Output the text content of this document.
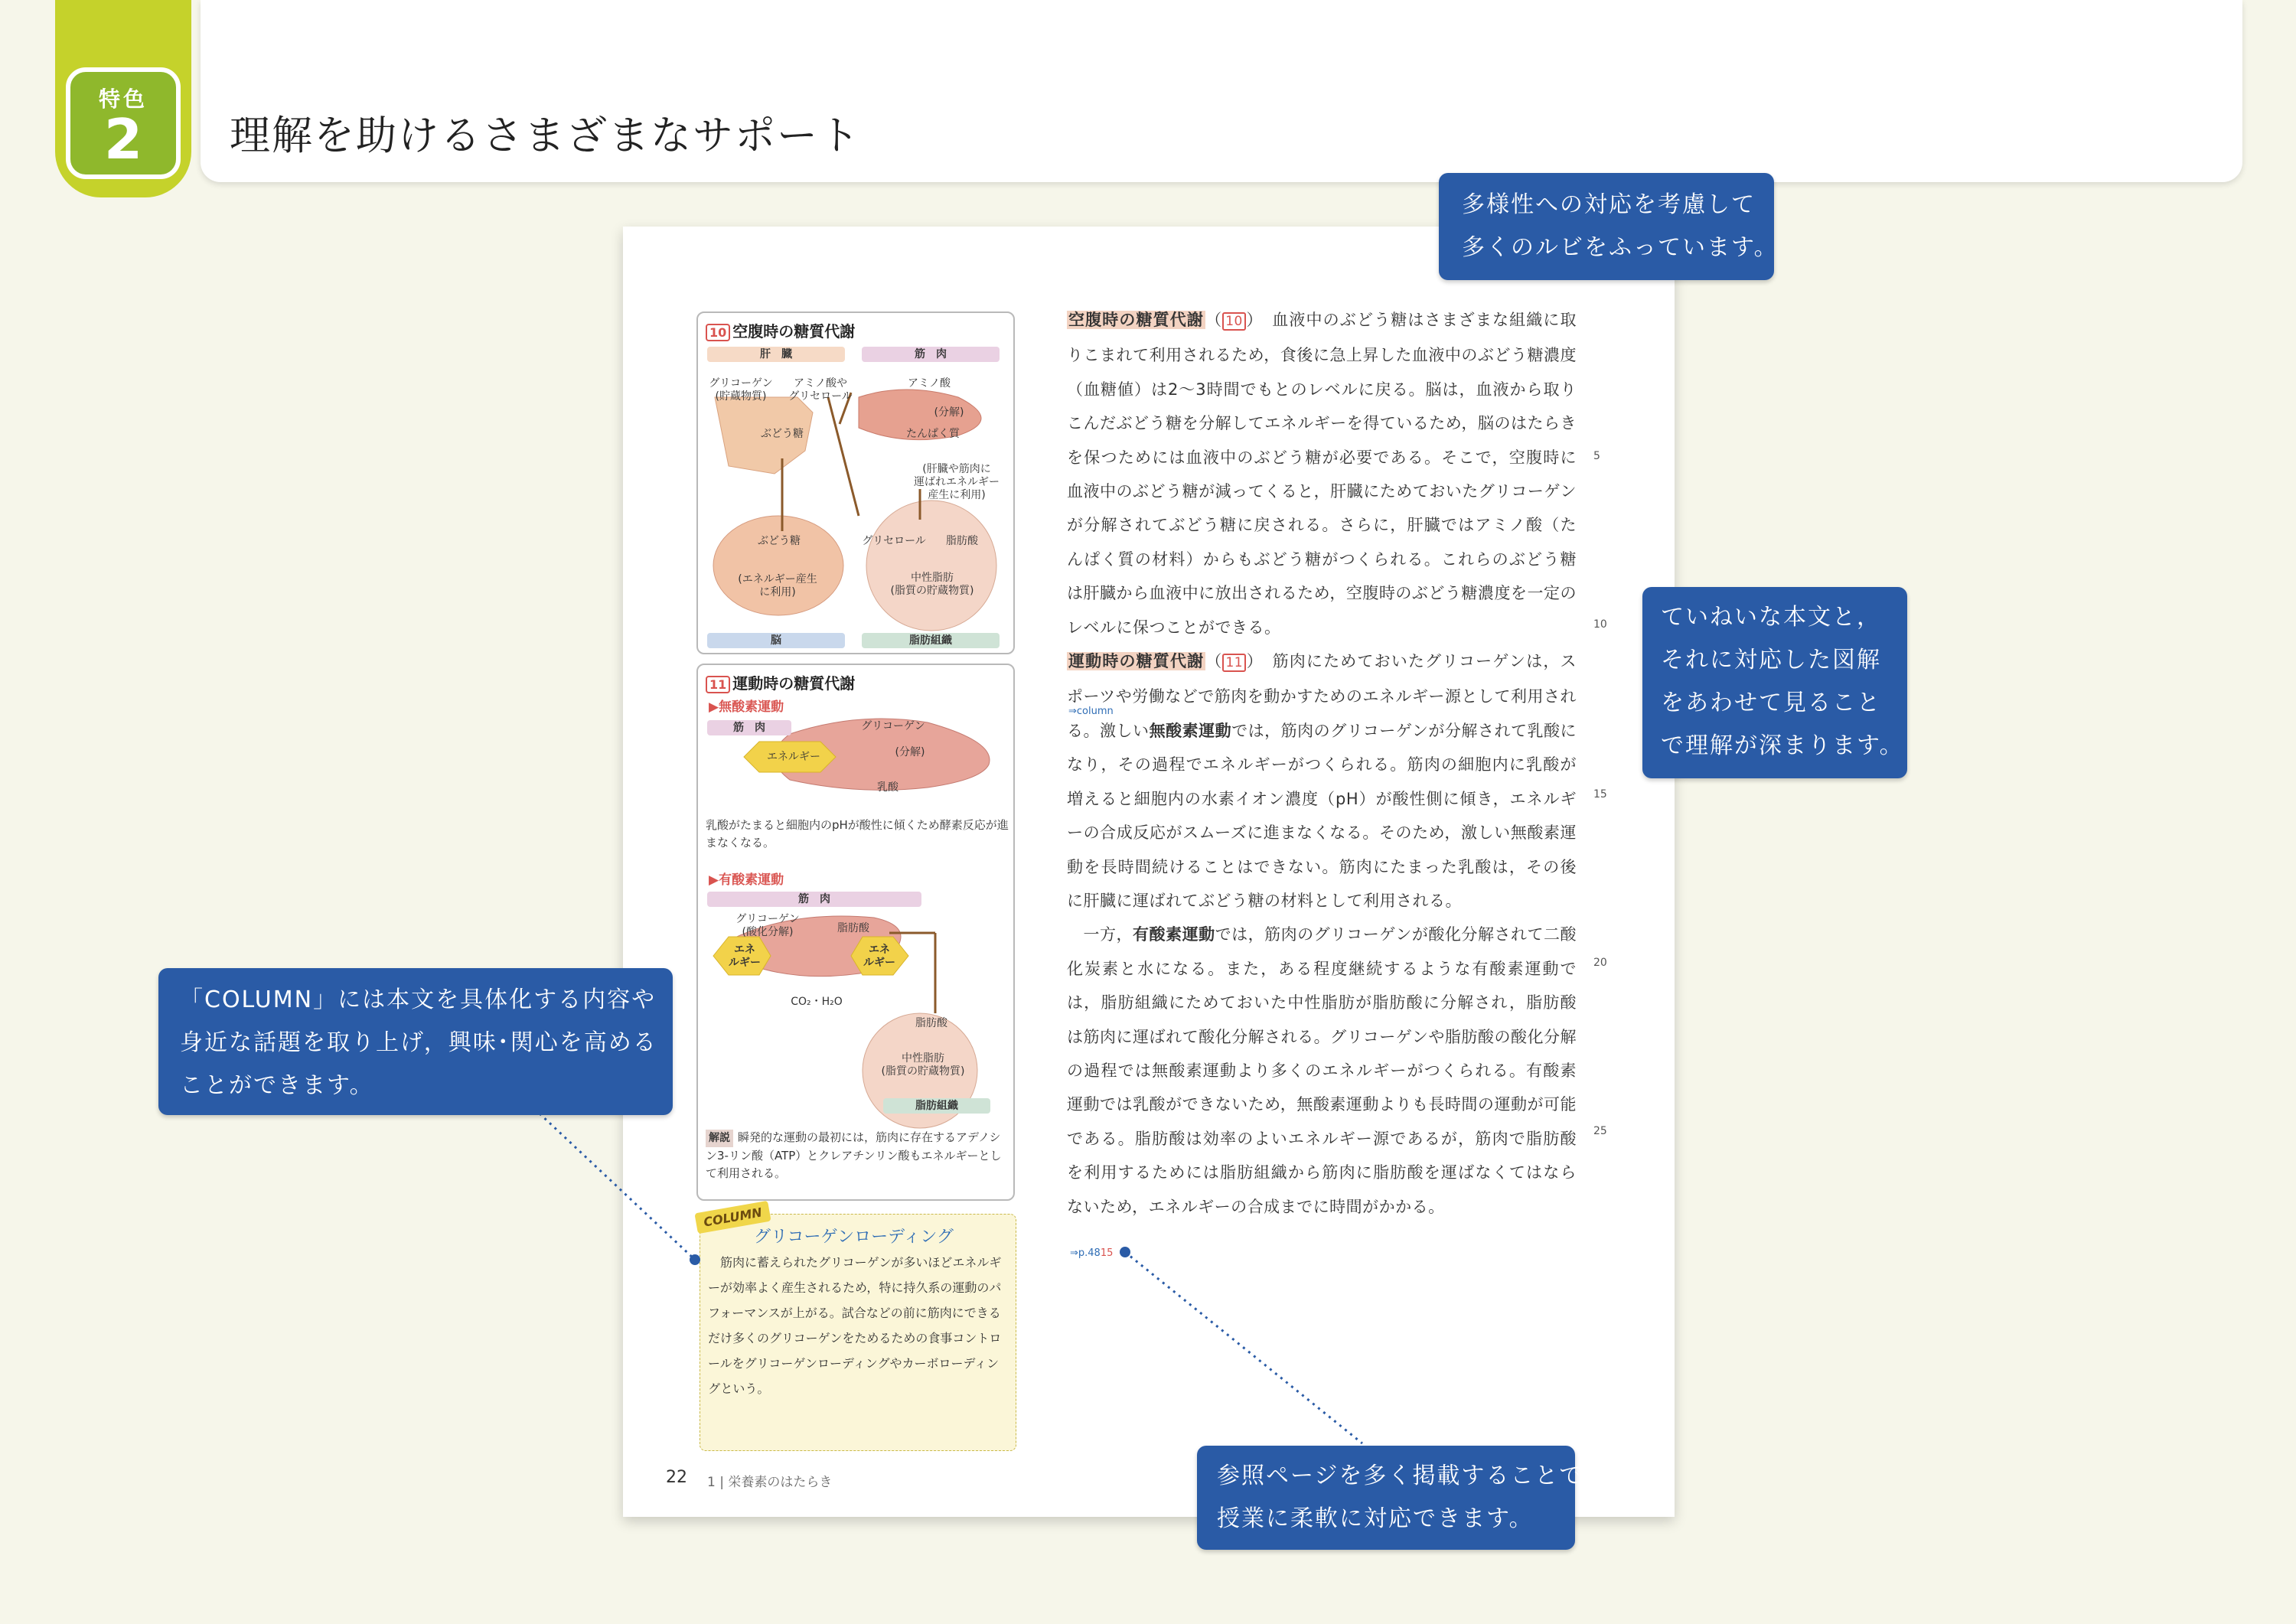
特色
2	理解を助けるさまざまなサポート
10 空腹時の糖質代謝
肝　臓	筋　肉
グリコーゲン
(貯蔵物質)
アミノ酸や
グリセロール
アミノ酸
(分解)
たんぱく質
ぶどう糖
(肝臓や筋肉に
運ばれエネルギー
産生に利用)
ぶどう糖
(エネルギー産生
に利用)
グリセロール	脂肪酸
中性脂肪
(脂質の貯蔵物質)
脳	脂肪組織
11 運動時の糖質代謝
▶無酸素運動
筋　肉	グリコーゲン
エネルギー	(分解)
乳酸
乳酸がたまると細胞内のpHが酸性に傾くため酵素反応が進まなくなる。
▶有酸素運動
筋　肉
グリコーゲン
(酸化分解)	脂肪酸
エネ
ルギー
エネ
ルギー
CO₂・H₂O
脂肪酸
中性脂肪
(脂質の貯蔵物質)
脂肪組織
解説 瞬発的な運動の最初には，筋肉に存在するアデノシン3-リン酸（ATP）とクレアチンリン酸もエネルギーとして利用される。
COLUMN
グリコーゲンローディング
　筋肉に蓄えられたグリコーゲンが多いほどエネルギーが効率よく産生されるため，特に持久系の運動のパフォーマンスが上がる。試合などの前に筋肉にできるだけ多くのグリコーゲンをためるための食事コントロールをグリコーゲンローディングやカーボローディングという。

空腹時の糖質代謝（ 10 ）　血液中のぶどう糖はさまざまな組織に取りこまれて利用されるため，食後に急上昇した血液中のぶどう糖濃度（血糖値）は2～3時間でもとのレベルに戻る。脳は，血液から取りこんだぶどう糖を分解してエネルギーを得ているため，脳のはたらきを保つためには血液中のぶどう糖が必要である。そこで，空腹時に血液中のぶどう糖が減ってくると，肝臓にためておいたグリコーゲンが分解されてぶどう糖に戻される。さらに，肝臓ではアミノ酸（たんぱく質の材料）からもぶどう糖がつくられる。これらのぶどう糖は肝臓から血液中に放出されるため，空腹時のぶどう糖濃度を一定のレベルに保つことができる。

運動時の糖質代謝（ 11 ）　筋肉にためておいたグリコーゲンは，スポーツや労働などで筋肉を動かすためのエネルギー源として利用される。激しい無酸素運動では，筋肉のグリコーゲンが分解されて乳酸になり，その過程でエネルギーがつくられる。筋肉の細胞内に乳酸が増えると細胞内の水素イオン濃度（pH）が酸性側に傾き，エネルギーの合成反応がスムーズに進まなくなる。そのため，激しい無酸素運動を長時間続けることはできない。筋肉にたまった乳酸は，その後に肝臓に運ばれてぶどう糖の材料として利用される。

　一方，有酸素運動では，筋肉のグリコーゲンが酸化分解されて二酸化炭素と水になる。また，ある程度継続するような有酸素運動では，脂肪組織にためておいた中性脂肪が脂肪酸に分解され，脂肪酸は筋肉に運ばれて酸化分解される。グリコーゲンや脂肪酸の酸化分解の過程では無酸素運動より多くのエネルギーがつくられる。有酸素運動では乳酸ができないため，無酸素運動よりも長時間の運動が可能である。脂肪酸は効率のよいエネルギー源であるが，筋肉で脂肪酸を利用するためには脂肪組織から筋肉に脂肪酸を運ばなくてはならないため，エネルギーの合成までに時間がかかる。

⇒column
⇒p.4815
5
10
15
20
25
22 1 | 栄養素のはたらき
多様性への対応を考慮して
多くのルビをふっています。
ていねいな本文と，
それに対応した図解
をあわせて見ること
で理解が深まります。
「COLUMN」には本文を具体化する内容や
身近な話題を取り上げ，興味･関心を高める
ことができます。
参照ページを多く掲載することで，
授業に柔軟に対応できます。
